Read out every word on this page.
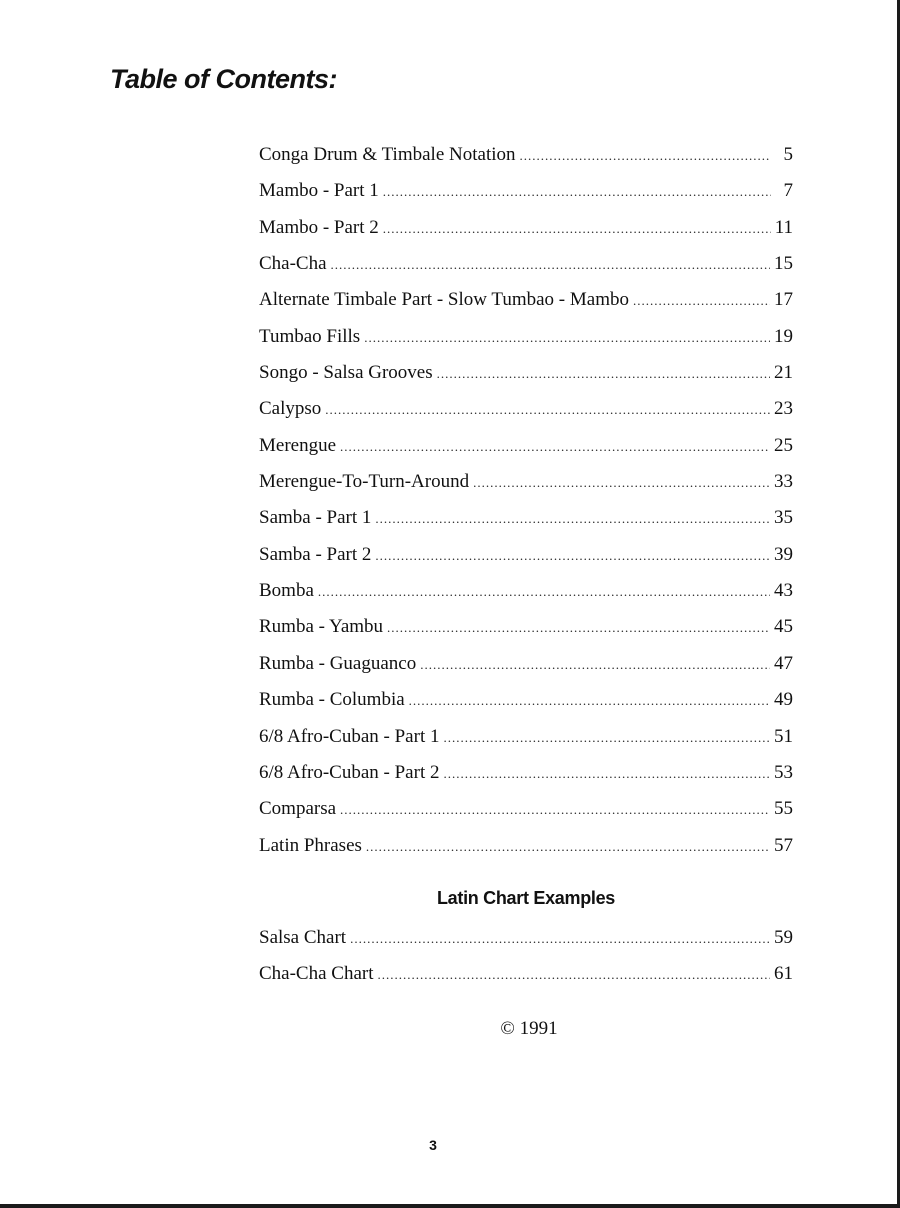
Table of Contents:
Conga Drum & Timbale Notation .....	5
Mambo - Part 1 .....	7
Mambo - Part 2 .....	11
Cha-Cha .....	15
Alternate Timbale Part - Slow Tumbao - Mambo .....	17
Tumbao Fills .....	19
Songo - Salsa Grooves .....	21
Calypso .....	23
Merengue .....	25
Merengue-To-Turn-Around .....	33
Samba - Part 1 .....	35
Samba - Part 2 .....	39
Bomba .....	43
Rumba - Yambu .....	45
Rumba - Guaguanco .....	47
Rumba - Columbia .....	49
6/8 Afro-Cuban - Part 1 .....	51
6/8 Afro-Cuban - Part 2 .....	53
Comparsa .....	55
Latin Phrases .....	57
Latin Chart Examples
Salsa Chart .....	59
Cha-Cha Chart .....	61

© 1991

3
